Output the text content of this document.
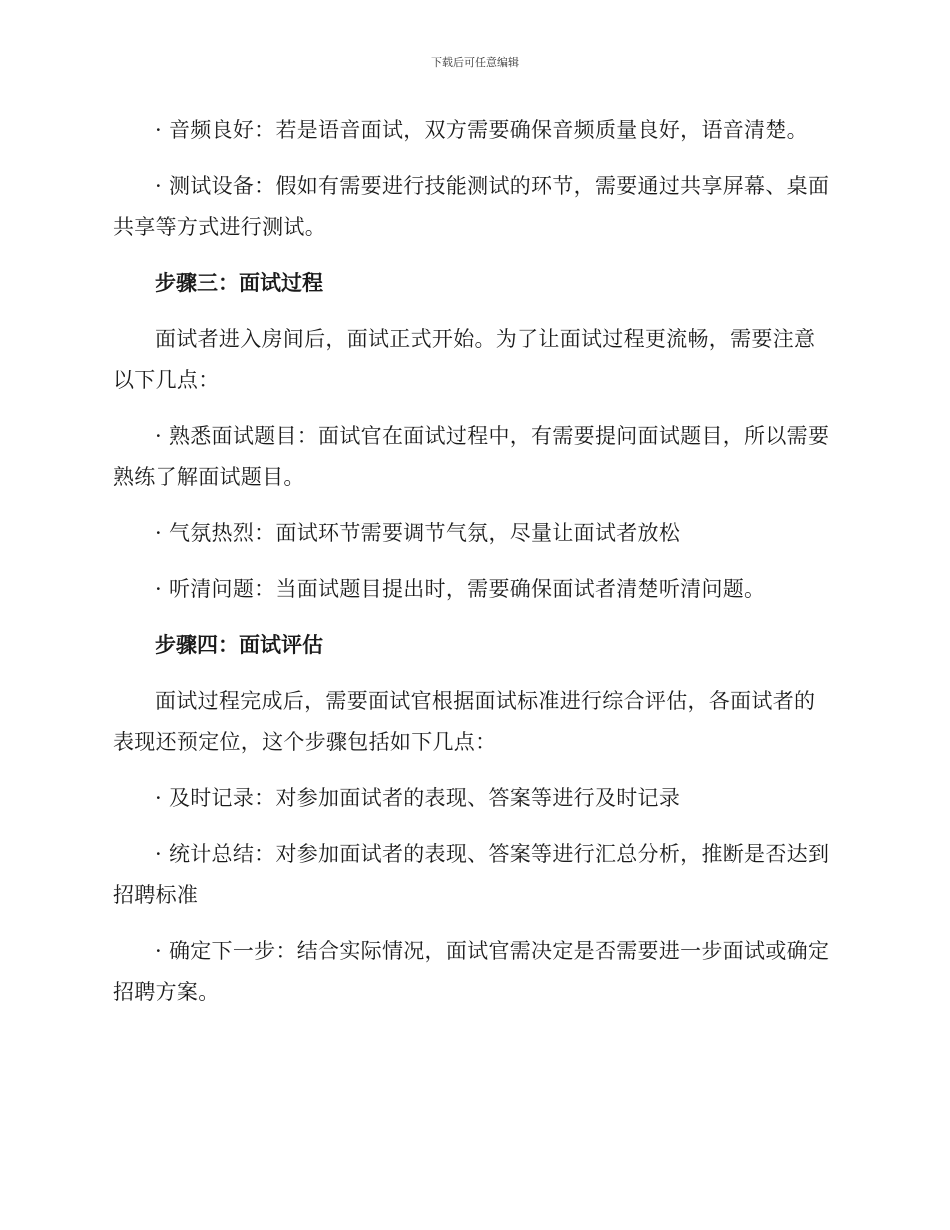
下载后可任意编辑

· 音频良好：若是语音面试，双方需要确保音频质量良好，语音清楚。

· 测试设备：假如有需要进行技能测试的环节，需要通过共享屏幕、桌面共享等方式进行测试。

步骤三：面试过程

面试者进入房间后，面试正式开始。为了让面试过程更流畅，需要注意以下几点：

· 熟悉面试题目：面试官在面试过程中，有需要提问面试题目，所以需要熟练了解面试题目。

· 气氛热烈：面试环节需要调节气氛，尽量让面试者放松

· 听清问题：当面试题目提出时，需要确保面试者清楚听清问题。

步骤四：面试评估

面试过程完成后，需要面试官根据面试标准进行综合评估，各面试者的表现还预定位，这个步骤包括如下几点：

· 及时记录：对参加面试者的表现、答案等进行及时记录

· 统计总结：对参加面试者的表现、答案等进行汇总分析，推断是否达到招聘标准

· 确定下一步：结合实际情况，面试官需决定是否需要进一步面试或确定招聘方案。
